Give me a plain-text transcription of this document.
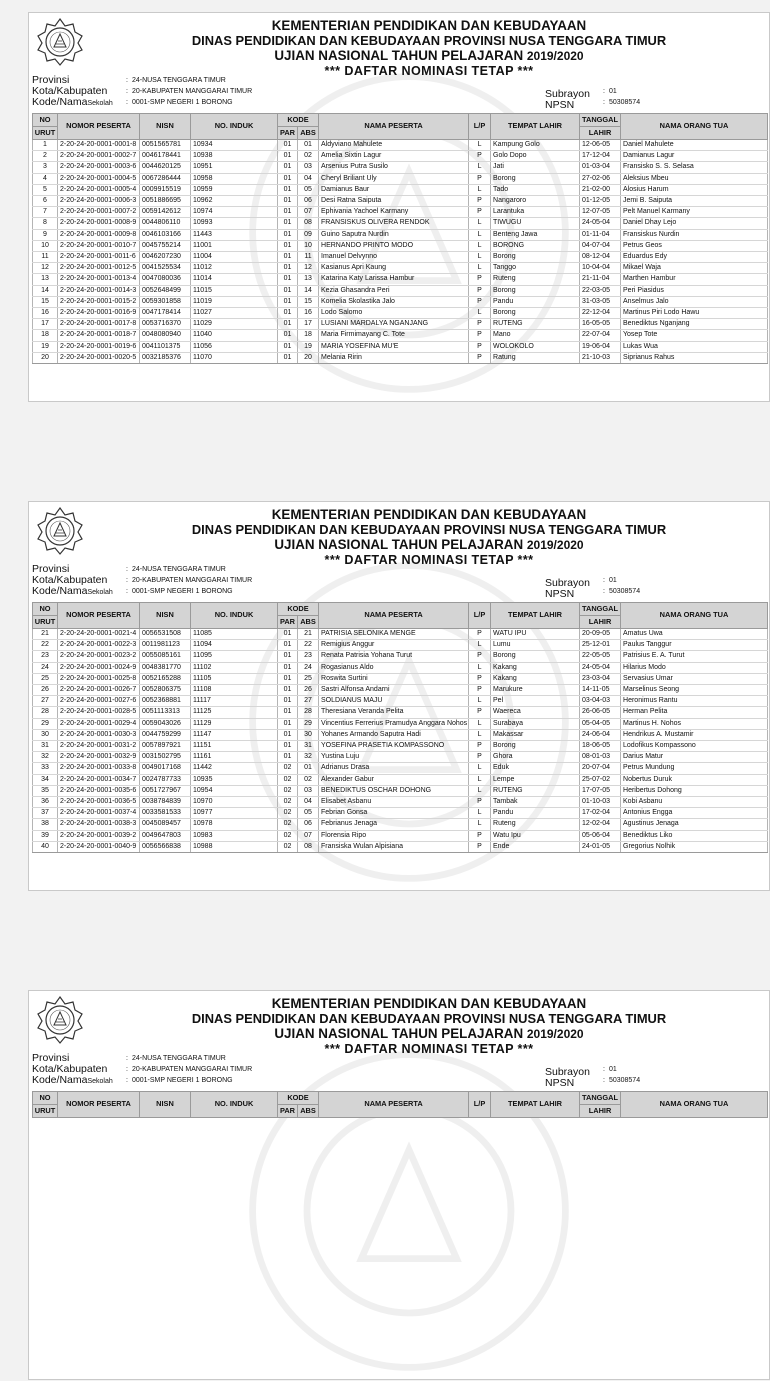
KEMENTERIAN PENDIDIKAN DAN KEBUDAYAAN
DINAS PENDIDIKAN DAN KEBUDAYAAN PROVINSI NUSA TENGGARA TIMUR
UJIAN NASIONAL TAHUN PELAJARAN 2019/2020
*** DAFTAR NOMINASI TETAP ***
Provinsi	: 24-NUSA TENGGARA TIMUR
Kota/Kabupaten	: 20-KABUPATEN MANGGARAI TIMUR
Kode/NamaSekolah : 0001-SMP NEGERI 1 BORONG
Subrayon : 01
NPSN	: 50308574
NO	NOMOR PESERTA	NISN	NO. INDUK	KODE		NAMA PESERTA	L/P	TEMPAT LAHIR	TANGGAL	NAMA ORANG TUA
URUT				PAR	ABS				LAHIR	
1	2-20-24-20-0001-0001-8	0051565781	10934	01	01	Aldyviano Mahulete	L	Kampung Golo	12-06-05	Daniel Mahulete
2	2-20-24-20-0001-0002-7	0046178441	10938	01	02	Amelia Sixtin Lagur	P	Golo Dopo	17-12-04	Damianus Lagur
3	2-20-24-20-0001-0003-6	0044620125	10951	01	03	Arsenius Putra Susilo	L	Jati	01-03-04	Fransisko S. S. Selasa
4	2-20-24-20-0001-0004-5	0067286444	10958	01	04	Cheryl Briliant Uly	P	Borong	27-02-06	Aleksius Mbeu
5	2-20-24-20-0001-0005-4	0009915519	10959	01	05	Damianus Baur	L	Tado	21-02-00	Alosius Harum
6	2-20-24-20-0001-0006-3	0051886695	10962	01	06	Desi Ratna Saiputa	P	Nangaroro	01-12-05	Jemi B. Saiputa
7	2-20-24-20-0001-0007-2	0059142612	10974	01	07	Ephivania Yachoel Karmany	P	Larantuka	12-07-05	Pelt Manuel Karmany
8	2-20-24-20-0001-0008-9	0044806110	10993	01	08	FRANSISKUS OLIVERA RENDOK	L	TIWUGU	24-05-04	Daniel Dhay Lejo
9	2-20-24-20-0001-0009-8	0046103166	11443	01	09	Guino Saputra Nurdin	L	Benteng Jawa	01-11-04	Fransiskus Nurdin
10	2-20-24-20-0001-0010-7	0045755214	11001	01	10	HERNANDO PRINTO MODO	L	BORONG	04-07-04	Petrus Geos
11	2-20-24-20-0001-0011-6	0046207230	11004	01	11	Imanuel Delvynno	L	Borong	08-12-04	Eduardus Edy
12	2-20-24-20-0001-0012-5	0041525534	11012	01	12	Kasianus Apri Kaung	L	Tanggo	10-04-04	Mikael Waja
13	2-20-24-20-0001-0013-4	0047080036	11014	01	13	Katarina Katy Larissa Hambur	P	Ruteng	21-11-04	Marthen Hambur
14	2-20-24-20-0001-0014-3	0052648499	11015	01	14	Kezia Ghasandra Peri	P	Borong	22-03-05	Peri Piasidus
15	2-20-24-20-0001-0015-2	0059301858	11019	01	15	Komelia Skolastika Jalo	P	Pandu	31-03-05	Anselmus Jalo
16	2-20-24-20-0001-0016-9	0047178414	11027	01	16	Lodo Salomo	L	Borong	22-12-04	Martinus Piri Lodo Hawu
17	2-20-24-20-0001-0017-8	0053716370	11029	01	17	LUSIANI MARDALYA NGANJANG	P	RUTENG	16-05-05	Benediktus Nganjang
18	2-20-24-20-0001-0018-7	0048080940	11040	01	18	Maria Firmimayang C. Tote	P	Mano	22-07-04	Yosep Tote
19	2-20-24-20-0001-0019-6	0041101375	11056	01	19	MARIA YOSEFINA MU'E	P	WOLOKOLO	19-06-04	Lukas Wua
20	2-20-24-20-0001-0020-5	0032185376	11070	01	20	Melania Ririn	P	Ratung	21-10-03	Siprianus Rahus
KEMENTERIAN PENDIDIKAN DAN KEBUDAYAAN
DINAS PENDIDIKAN DAN KEBUDAYAAN PROVINSI NUSA TENGGARA TIMUR
UJIAN NASIONAL TAHUN PELAJARAN 2019/2020
*** DAFTAR NOMINASI TETAP ***
Provinsi	: 24-NUSA TENGGARA TIMUR
Kota/Kabupaten	: 20-KABUPATEN MANGGARAI TIMUR
Kode/NamaSekolah : 0001-SMP NEGERI 1 BORONG
Subrayon : 01
NPSN	: 50308574
NO	NOMOR PESERTA	NISN	NO. INDUK	KODE		NAMA PESERTA	L/P	TEMPAT LAHIR	TANGGAL	NAMA ORANG TUA
URUT				PAR	ABS				LAHIR	
21	2-20-24-20-0001-0021-4	0056531508	11085	01	21	PATRISIA SELONIKA MENGE	P	WATU IPU	20-09-05	Amatus Uwa
22	2-20-24-20-0001-0022-3	0011981123	11094	01	22	Remigius Anggur	L	Lumu	25-12-01	Paulus Tanggur
23	2-20-24-20-0001-0023-2	0055085161	11095	01	23	Renata Patrisia Yohana Turut	P	Borong	22-05-05	Patrisius E. A. Turut
24	2-20-24-20-0001-0024-9	0048381770	11102	01	24	Rogasianus Aldo	L	Kakang	24-05-04	Hilarius Modo
25	2-20-24-20-0001-0025-8	0052165288	11105	01	25	Roswita Surtini	P	Kakang	23-03-04	Servasius Umar
26	2-20-24-20-0001-0026-7	0052806375	11108	01	26	Sastri Alfonsa Andarni	P	Marukure	14-11-05	Marselinus Seong
27	2-20-24-20-0001-0027-6	0052368881	11117	01	27	SOLDIANUS MAJU	L	Pel	03-04-03	Heronimus Rantu
28	2-20-24-20-0001-0028-5	0051113313	11125	01	28	Theresiana Veranda Pelita	P	Waereca	26-06-05	Herman Pelita
29	2-20-24-20-0001-0029-4	0059043026	11129	01	29	Vincentius Ferrerius Pramudya Anggara Nohos	L	Surabaya	05-04-05	Martinus H. Nohos
30	2-20-24-20-0001-0030-3	0044759299	11147	01	30	Yohanes Armando Saputra Hadi	L	Makassar	24-06-04	Hendrikus A. Mustamir
31	2-20-24-20-0001-0031-2	0057897921	11151	01	31	YOSEFINA PRASETIA KOMPASSONO	P	Borong	18-06-05	Lodofikus Kompassono
32	2-20-24-20-0001-0032-9	0031502795	11161	01	32	Yustina Luju	P	Ghora	08-01-03	Darius Matur
33	2-20-24-20-0001-0033-8	0049017168	11442	02	01	Adrianus Drasa	L	Eduk	20-07-04	Petrus Mundung
34	2-20-24-20-0001-0034-7	0024787733	10935	02	02	Alexander Gabur	L	Lempe	25-07-02	Nobertus Duruk
35	2-20-24-20-0001-0035-6	0051727967	10954	02	03	BENEDIKTUS OSCHAR DOHONG	L	RUTENG	17-07-05	Heribertus Dohong
36	2-20-24-20-0001-0036-5	0038784839	10970	02	04	Elisabet Asbanu	P	Tambak	01-10-03	Kobi Asbanu
37	2-20-24-20-0001-0037-4	0033581533	10977	02	05	Febrian Gonsa	L	Pandu	17-02-04	Antonius Engga
38	2-20-24-20-0001-0038-3	0045089457	10978	02	06	Febrianus Jenaga	L	Ruteng	12-02-04	Agustinus Jenaga
39	2-20-24-20-0001-0039-2	0049647803	10983	02	07	Florensia Ripo	P	Watu Ipu	05-06-04	Benediktus Liko
40	2-20-24-20-0001-0040-9	0056566838	10988	02	08	Fransiska Wulan Alpisiana	P	Ende	24-01-05	Gregorius Nolhik
KEMENTERIAN PENDIDIKAN DAN KEBUDAYAAN
DINAS PENDIDIKAN DAN KEBUDAYAAN PROVINSI NUSA TENGGARA TIMUR
UJIAN NASIONAL TAHUN PELAJARAN 2019/2020
*** DAFTAR NOMINASI TETAP ***
Provinsi	: 24-NUSA TENGGARA TIMUR
Kota/Kabupaten	: 20-KABUPATEN MANGGARAI TIMUR
Kode/NamaSekolah : 0001-SMP NEGERI 1 BORONG
Subrayon : 01
NPSN	: 50308574
NO	NOMOR PESERTA	NISN	NO. INDUK	KODE		NAMA PESERTA	L/P	TEMPAT LAHIR	TANGGAL	NAMA ORANG TUA
URUT				PAR	ABS				LAHIR	
